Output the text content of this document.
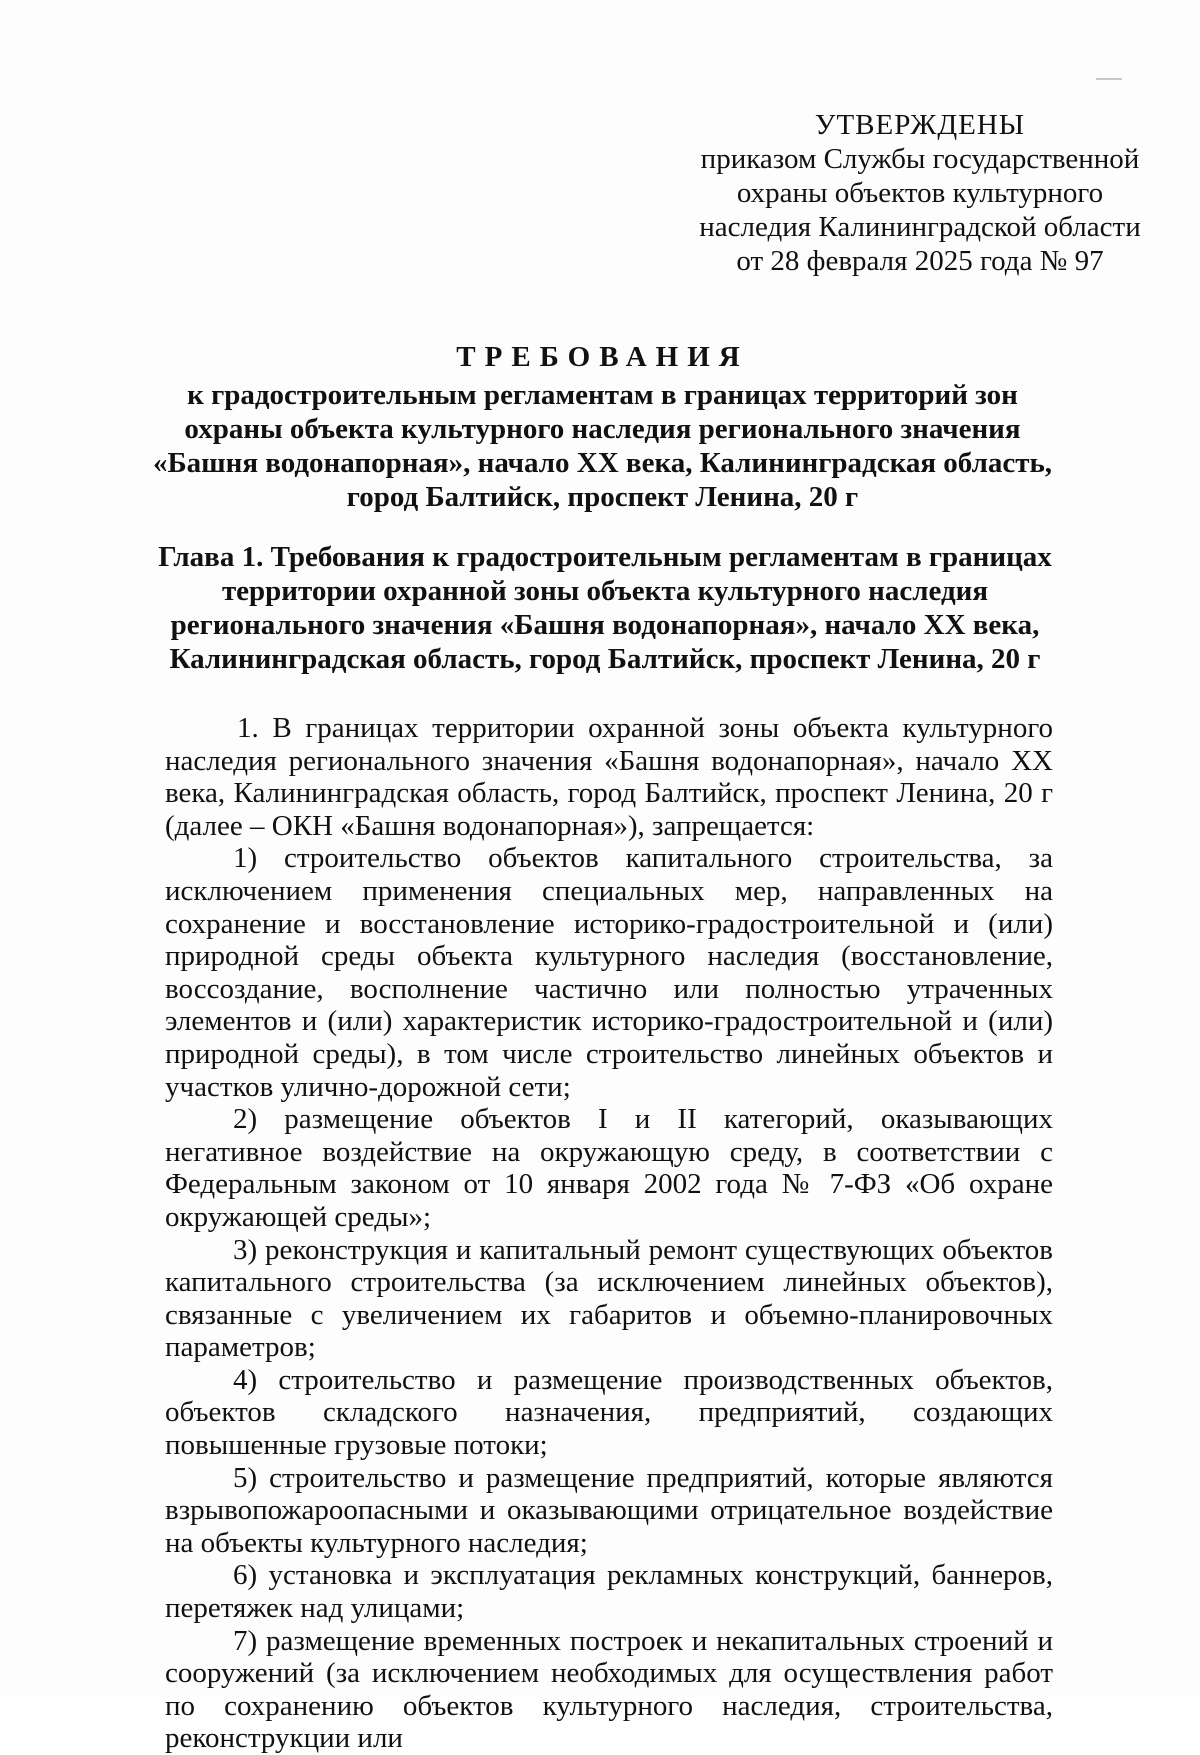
УТВЕРЖДЕНЫ
приказом Службы государственной
охраны объектов культурного
наследия Калининградской области
от 28 февраля 2025 года № 97
ТРЕБОВАНИЯ
к градостроительным регламентам в границах территорий зон охраны объекта культурного наследия регионального значения «Башня водонапорная», начало XX века, Калининградская область, город Балтийск, проспект Ленина, 20 г
Глава 1. Требования к градостроительным регламентам в границах территории охранной зоны объекта культурного наследия регионального значения «Башня водонапорная», начало XX века, Калининградская область, город Балтийск, проспект Ленина, 20 г

1. В границах территории охранной зоны объекта культурного наследия регионального значения «Башня водонапорная», начало XX века, Калининградская область, город Балтийск, проспект Ленина, 20 г (далее – ОКН «Башня водонапорная»), запрещается:

1) строительство объектов капитального строительства, за исключением применения специальных мер, направленных на сохранение и восстановление историко-градостроительной и (или) природной среды объекта культурного наследия (восстановление, воссоздание, восполнение частично или полностью утраченных элементов и (или) характеристик историко-градостроительной и (или) природной среды), в том числе строительство линейных объектов и участков улично-дорожной сети;

2) размещение объектов I и II категорий, оказывающих негативное воздействие на окружающую среду, в соответствии с Федеральным законом от 10 января 2002 года № 7-ФЗ «Об охране окружающей среды»;

3) реконструкция и капитальный ремонт существующих объектов капитального строительства (за исключением линейных объектов), связанные с увеличением их габаритов и объемно-планировочных параметров;

4) строительство и размещение производственных объектов, объектов складского назначения, предприятий, создающих повышенные грузовые потоки;

5) строительство и размещение предприятий, которые являются взрывопожароопасными и оказывающими отрицательное воздействие на объекты культурного наследия;

6) установка и эксплуатация рекламных конструкций, баннеров, перетяжек над улицами;

7) размещение временных построек и некапитальных строений и сооружений (за исключением необходимых для осуществления работ по сохранению объектов культурного наследия, строительства, реконструкции или
